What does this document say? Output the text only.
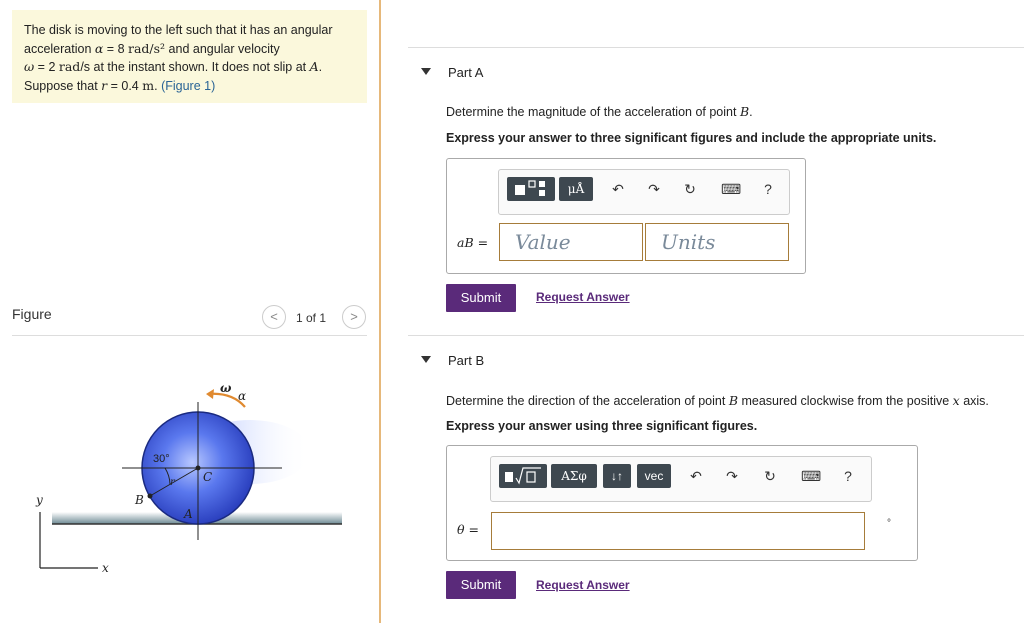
The disk is moving to the left such that it has an angular
acceleration α = 8 rad/s² and angular velocity
ω = 2 rad/s at the instant shown. It does not slip at A.
Suppose that r = 0.4 m. (Figure 1)
Figure	<	1 of 1	>
ω
α
30°
r C
B
A
y
x
Part A
Determine the magnitude of the acceleration of point B.
Express your answer to three significant figures and include the appropriate units.
μÅ	↶ ↷ ↻ ⌨	?
aB = Value	Units
Submit	Request Answer
Part B
Determine the direction of the acceleration of point B measured clockwise from the positive x axis.
Express your answer using three significant figures.
ΑΣφ	↓↑	vec	↶ ↷ ↻ ⌨	?
θ =	°
Submit	Request Answer
